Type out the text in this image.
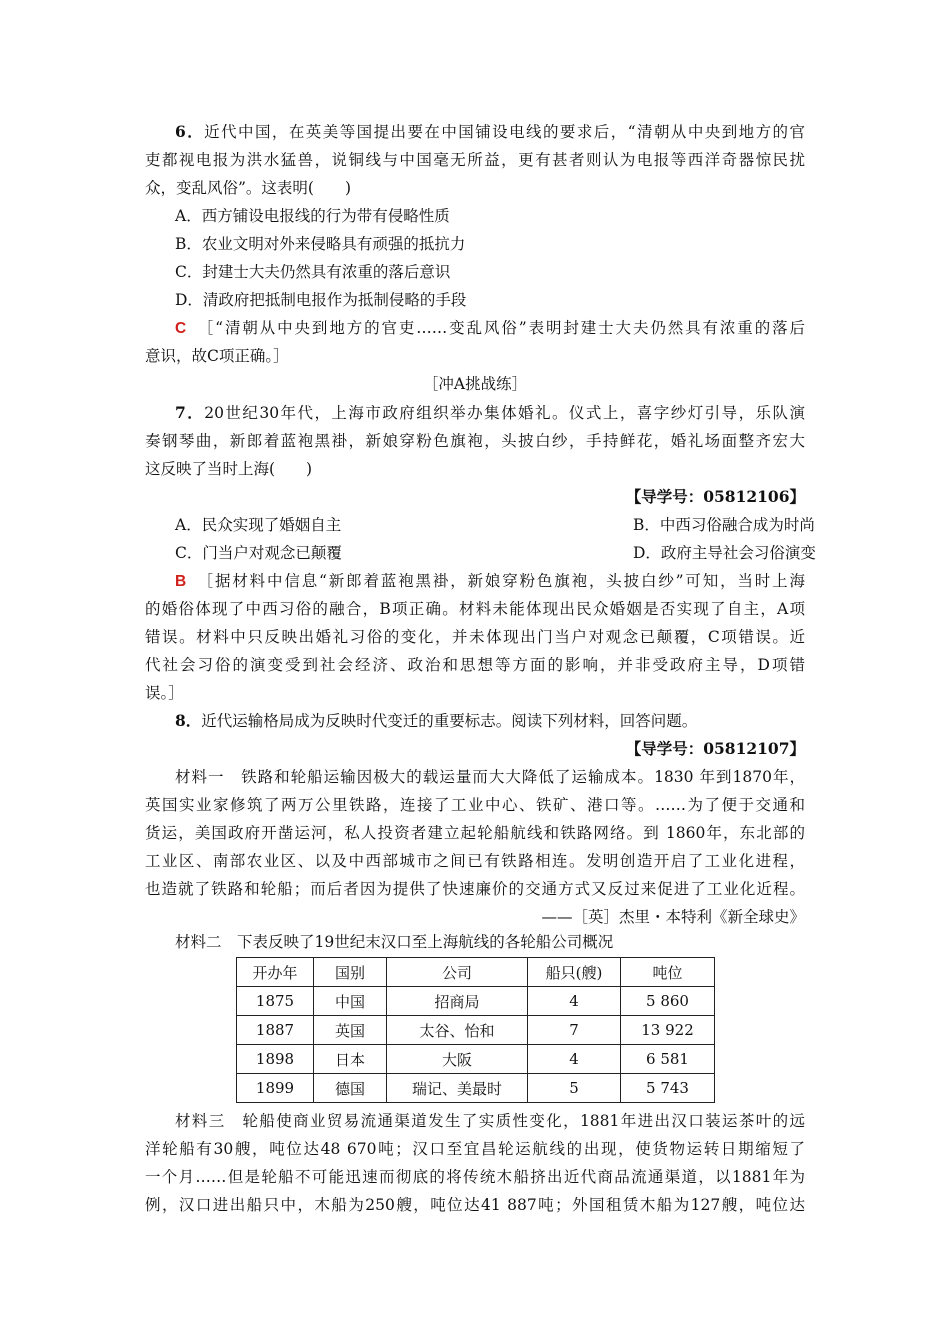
6．近代中国，在英美等国提出要在中国铺设电线的要求后，“清朝从中央到地方的官
吏都视电报为洪水猛兽，说铜线与中国毫无所益，更有甚者则认为电报等西洋奇器惊民扰
众，变乱风俗”。这表明(　　)
A．西方铺设电报线的行为带有侵略性质
B．农业文明对外来侵略具有顽强的抵抗力
C．封建士大夫仍然具有浓重的落后意识
D．清政府把抵制电报作为抵制侵略的手段
C　 ［“清朝从中央到地方的官吏……变乱风俗”表明封建士大夫仍然具有浓重的落后
意识，故C项正确。］
［冲A挑战练］
7．20世纪30年代，上海市政府组织举办集体婚礼。仪式上，喜字纱灯引导，乐队演
奏钢琴曲，新郎着蓝袍黑褂，新娘穿粉色旗袍，头披白纱，手持鲜花，婚礼场面整齐宏大
这反映了当时上海(　　)
【导学号：05812106】
A．民众实现了婚姻自主	B．中西习俗融合成为时尚
C．门当户对观念已颠覆	D．政府主导社会习俗演变
B　 ［据材料中信息“新郎着蓝袍黑褂，新娘穿粉色旗袍，头披白纱”可知，当时上海
的婚俗体现了中西习俗的融合，B项正确。材料未能体现出民众婚姻是否实现了自主，A项
错误。材料中只反映出婚礼习俗的变化，并未体现出门当户对观念已颠覆，C项错误。近
代社会习俗的演变受到社会经济、政治和思想等方面的影响，并非受政府主导，D项错
误。］
8．近代运输格局成为反映时代变迁的重要标志。阅读下列材料，回答问题。
【导学号：05812107】
材料一　铁路和轮船运输因极大的载运量而大大降低了运输成本。1830 年到1870年，
英国实业家修筑了两万公里铁路，连接了工业中心、铁矿、港口等。……为了便于交通和
货运，美国政府开凿运河，私人投资者建立起轮船航线和铁路网络。到 1860年，东北部的
工业区、南部农业区、以及中西部城市之间已有铁路相连。发明创造开启了工业化进程，
也造就了铁路和轮船；而后者因为提供了快速廉价的交通方式又反过来促进了工业化近程。
——［英］杰里・本特利《新全球史》
材料二　下表反映了19世纪末汉口至上海航线的各轮船公司概况
开办年	国别	公司	船只(艘)	吨位
1875	中国	招商局	4	5 860
1887	英国	太谷、怡和	7	13 922
1898	日本	大阪	4	6 581
1899	德国	瑞记、美最时	5	5 743
材料三　轮船使商业贸易流通渠道发生了实质性变化，1881年进出汉口装运茶叶的远
洋轮船有30艘，吨位达48 670吨；汉口至宜昌轮运航线的出现，使货物运转日期缩短了
一个月……但是轮船不可能迅速而彻底的将传统木船挤出近代商品流通渠道，以1881年为
例，汉口进出船只中，木船为250艘，吨位达41 887吨；外国租赁木船为127艘，吨位达
